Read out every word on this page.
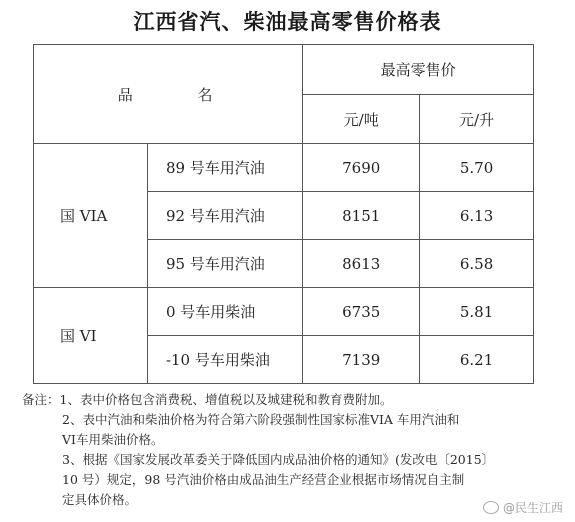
江西省汽、柴油最高零售价格表
品 名		最高零售价	
		元/吨	元/升
国 VIA	89 号车用汽油	7690	5.70
	92 号车用汽油	8151	6.13
	95 号车用汽油	8613	6.58
国 VI	0 号车用柴油	6735	5.81
	-10 号车用柴油	7139	6.21
备注：1、表中价格包含消费税、增值税以及城建税和教育费附加。
2、表中汽油和柴油价格为符合第六阶段强制性国家标准VIA 车用汽油和
VI车用柴油价格。
3、根据《国家发展改革委关于降低国内成品油价格的通知》(发改电〔2015〕
10 号）规定，98 号汽油价格由成品油生产经营企业根据市场情况自主制
定具体价格。
@民生江西
